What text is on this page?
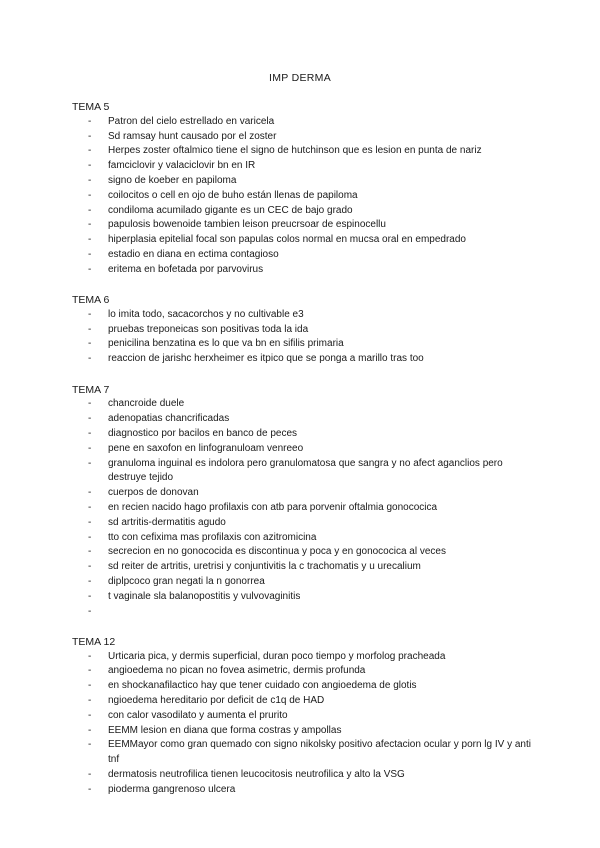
IMP DERMA
TEMA 5
- Patron del cielo estrellado en varicela
- Sd ramsay hunt causado por el zoster
- Herpes zoster oftalmico tiene el signo de hutchinson que es lesion en punta de nariz
- famciclovir y valaciclovir bn en IR
- signo de koeber en papiloma
- coilocitos o cell en ojo de buho están llenas de papiloma
- condiloma acumilado gigante es un CEC de bajo grado
- papulosis bowenoide tambien leison preucrsoar de espinocellu
- hiperplasia epitelial focal son papulas colos normal en mucsa oral en empedrado
- estadio en diana en ectima contagioso
- eritema en bofetada por parvovirus
TEMA 6
- lo imita todo, sacacorchos y no cultivable e3
- pruebas treponeicas son positivas toda la ida
- penicilina benzatina es lo que va bn en sifilis primaria
- reaccion de jarishc herxheimer es itpico que se ponga a marillo tras too
TEMA 7
- chancroide duele
- adenopatias chancrificadas
- diagnostico por bacilos en banco de peces
- pene en saxofon en linfogranuloam venreeo
- granuloma inguinal es indolora pero granulomatosa que sangra y no afect aganclios pero destruye tejido
- cuerpos de donovan
- en recien nacido hago profilaxis con atb para porvenir oftalmia gonococica
- sd artritis-dermatitis agudo
- tto con cefixima mas profilaxis con azitromicina
- secrecion en no gonococida es discontinua y poca y en gonococica al veces
- sd reiter de artritis, uretrisi y conjuntivitis la c trachomatis y u urecalium
- diplpcoco gran negati la n gonorrea
- t vaginale sla balanopostitis y vulvovaginitis
-

TEMA 12
- Urticaria pica, y dermis superficial, duran poco tiempo y morfolog pracheada
- angioedema no pican no fovea asimetric, dermis profunda
- en shockanafilactico hay que tener cuidado con angioedema de glotis
- ngioedema hereditario por deficit de c1q de HAD
- con calor vasodilato y aumenta el prurito
- EEMM lesion en diana que forma costras y ampollas
- EEMMayor como gran quemado con signo nikolsky positivo afectacion ocular y porn lg IV y anti tnf
- dermatosis neutrofilica tienen leucocitosis neutrofilica y alto la VSG
- pioderma gangrenoso ulcera
